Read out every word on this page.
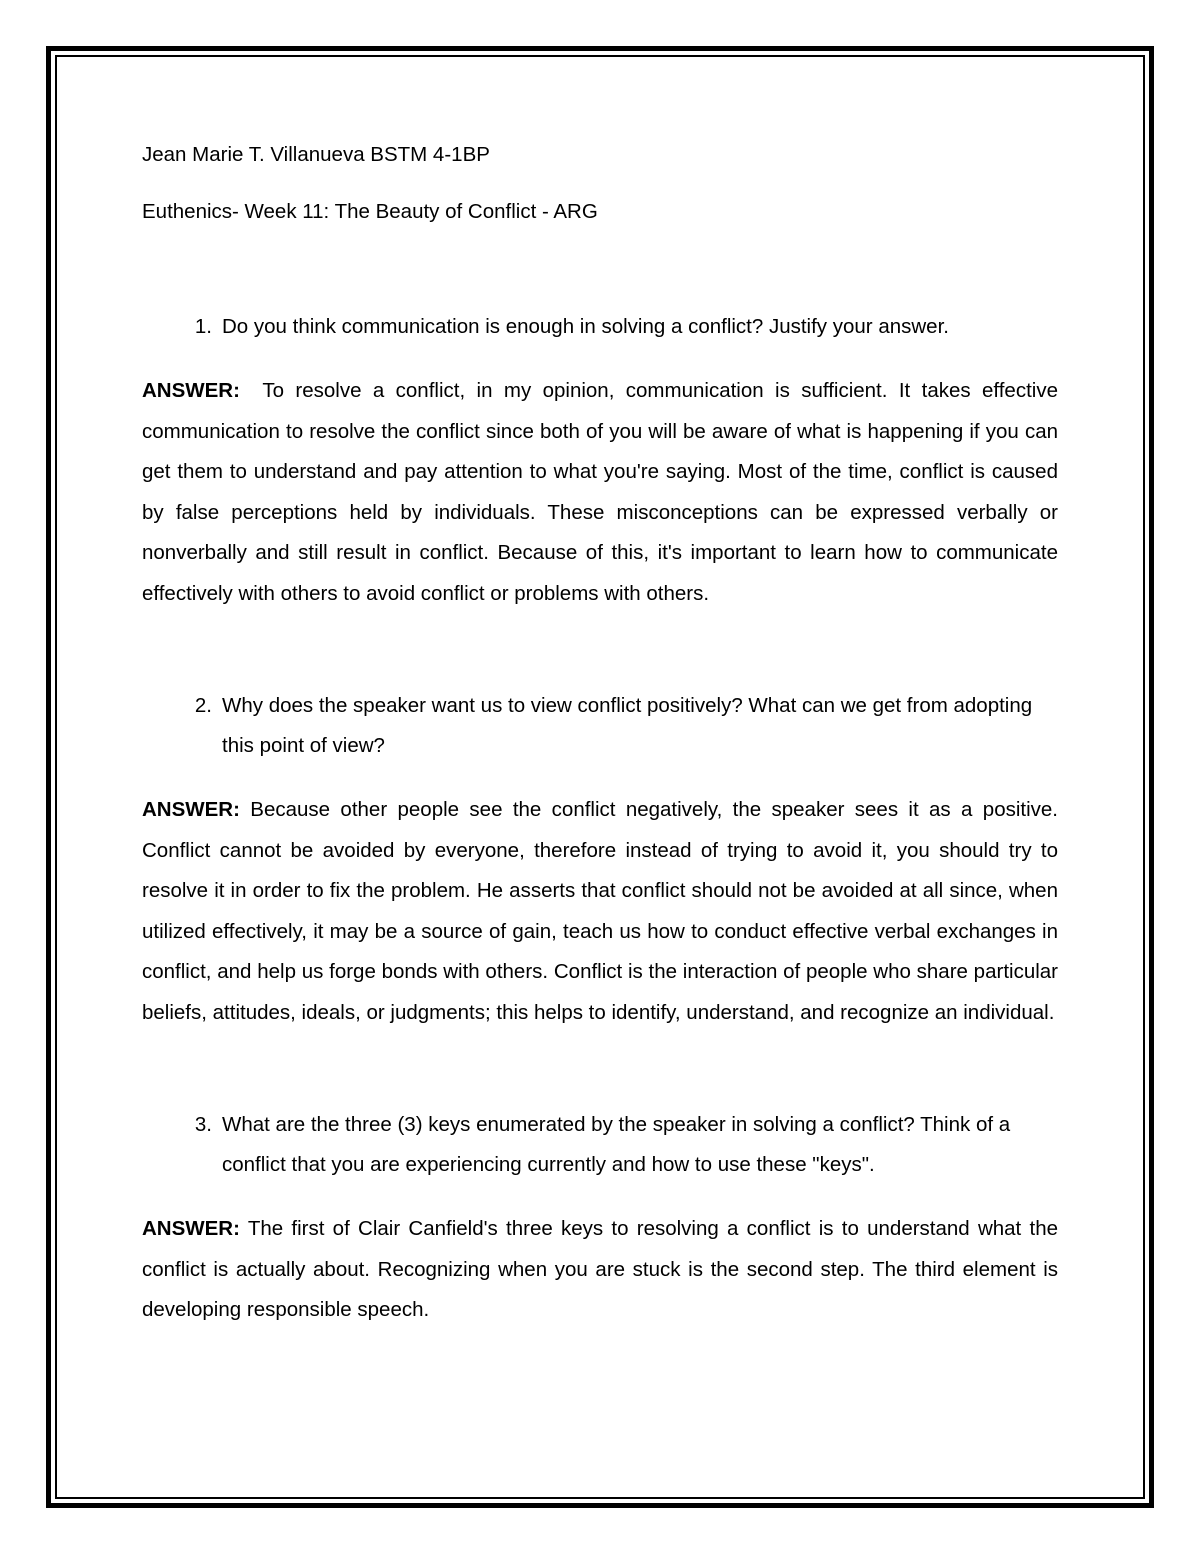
Jean Marie T. Villanueva BSTM 4-1BP

Euthenics- Week 11: The Beauty of Conflict - ARG

1. Do you think communication is enough in solving a conflict? Justify your answer.

ANSWER: To resolve a conflict, in my opinion, communication is sufficient. It takes effective communication to resolve the conflict since both of you will be aware of what is happening if you can get them to understand and pay attention to what you're saying. Most of the time, conflict is caused by false perceptions held by individuals. These misconceptions can be expressed verbally or nonverbally and still result in conflict. Because of this, it's important to learn how to communicate effectively with others to avoid conflict or problems with others.

2. Why does the speaker want us to view conflict positively? What can we get from adopting this point of view?

ANSWER: Because other people see the conflict negatively, the speaker sees it as a positive. Conflict cannot be avoided by everyone, therefore instead of trying to avoid it, you should try to resolve it in order to fix the problem. He asserts that conflict should not be avoided at all since, when utilized effectively, it may be a source of gain, teach us how to conduct effective verbal exchanges in conflict, and help us forge bonds with others. Conflict is the interaction of people who share particular beliefs, attitudes, ideals, or judgments; this helps to identify, understand, and recognize an individual.

3. What are the three (3) keys enumerated by the speaker in solving a conflict? Think of a conflict that you are experiencing currently and how to use these "keys".

ANSWER: The first of Clair Canfield's three keys to resolving a conflict is to understand what the conflict is actually about. Recognizing when you are stuck is the second step. The third element is developing responsible speech.
